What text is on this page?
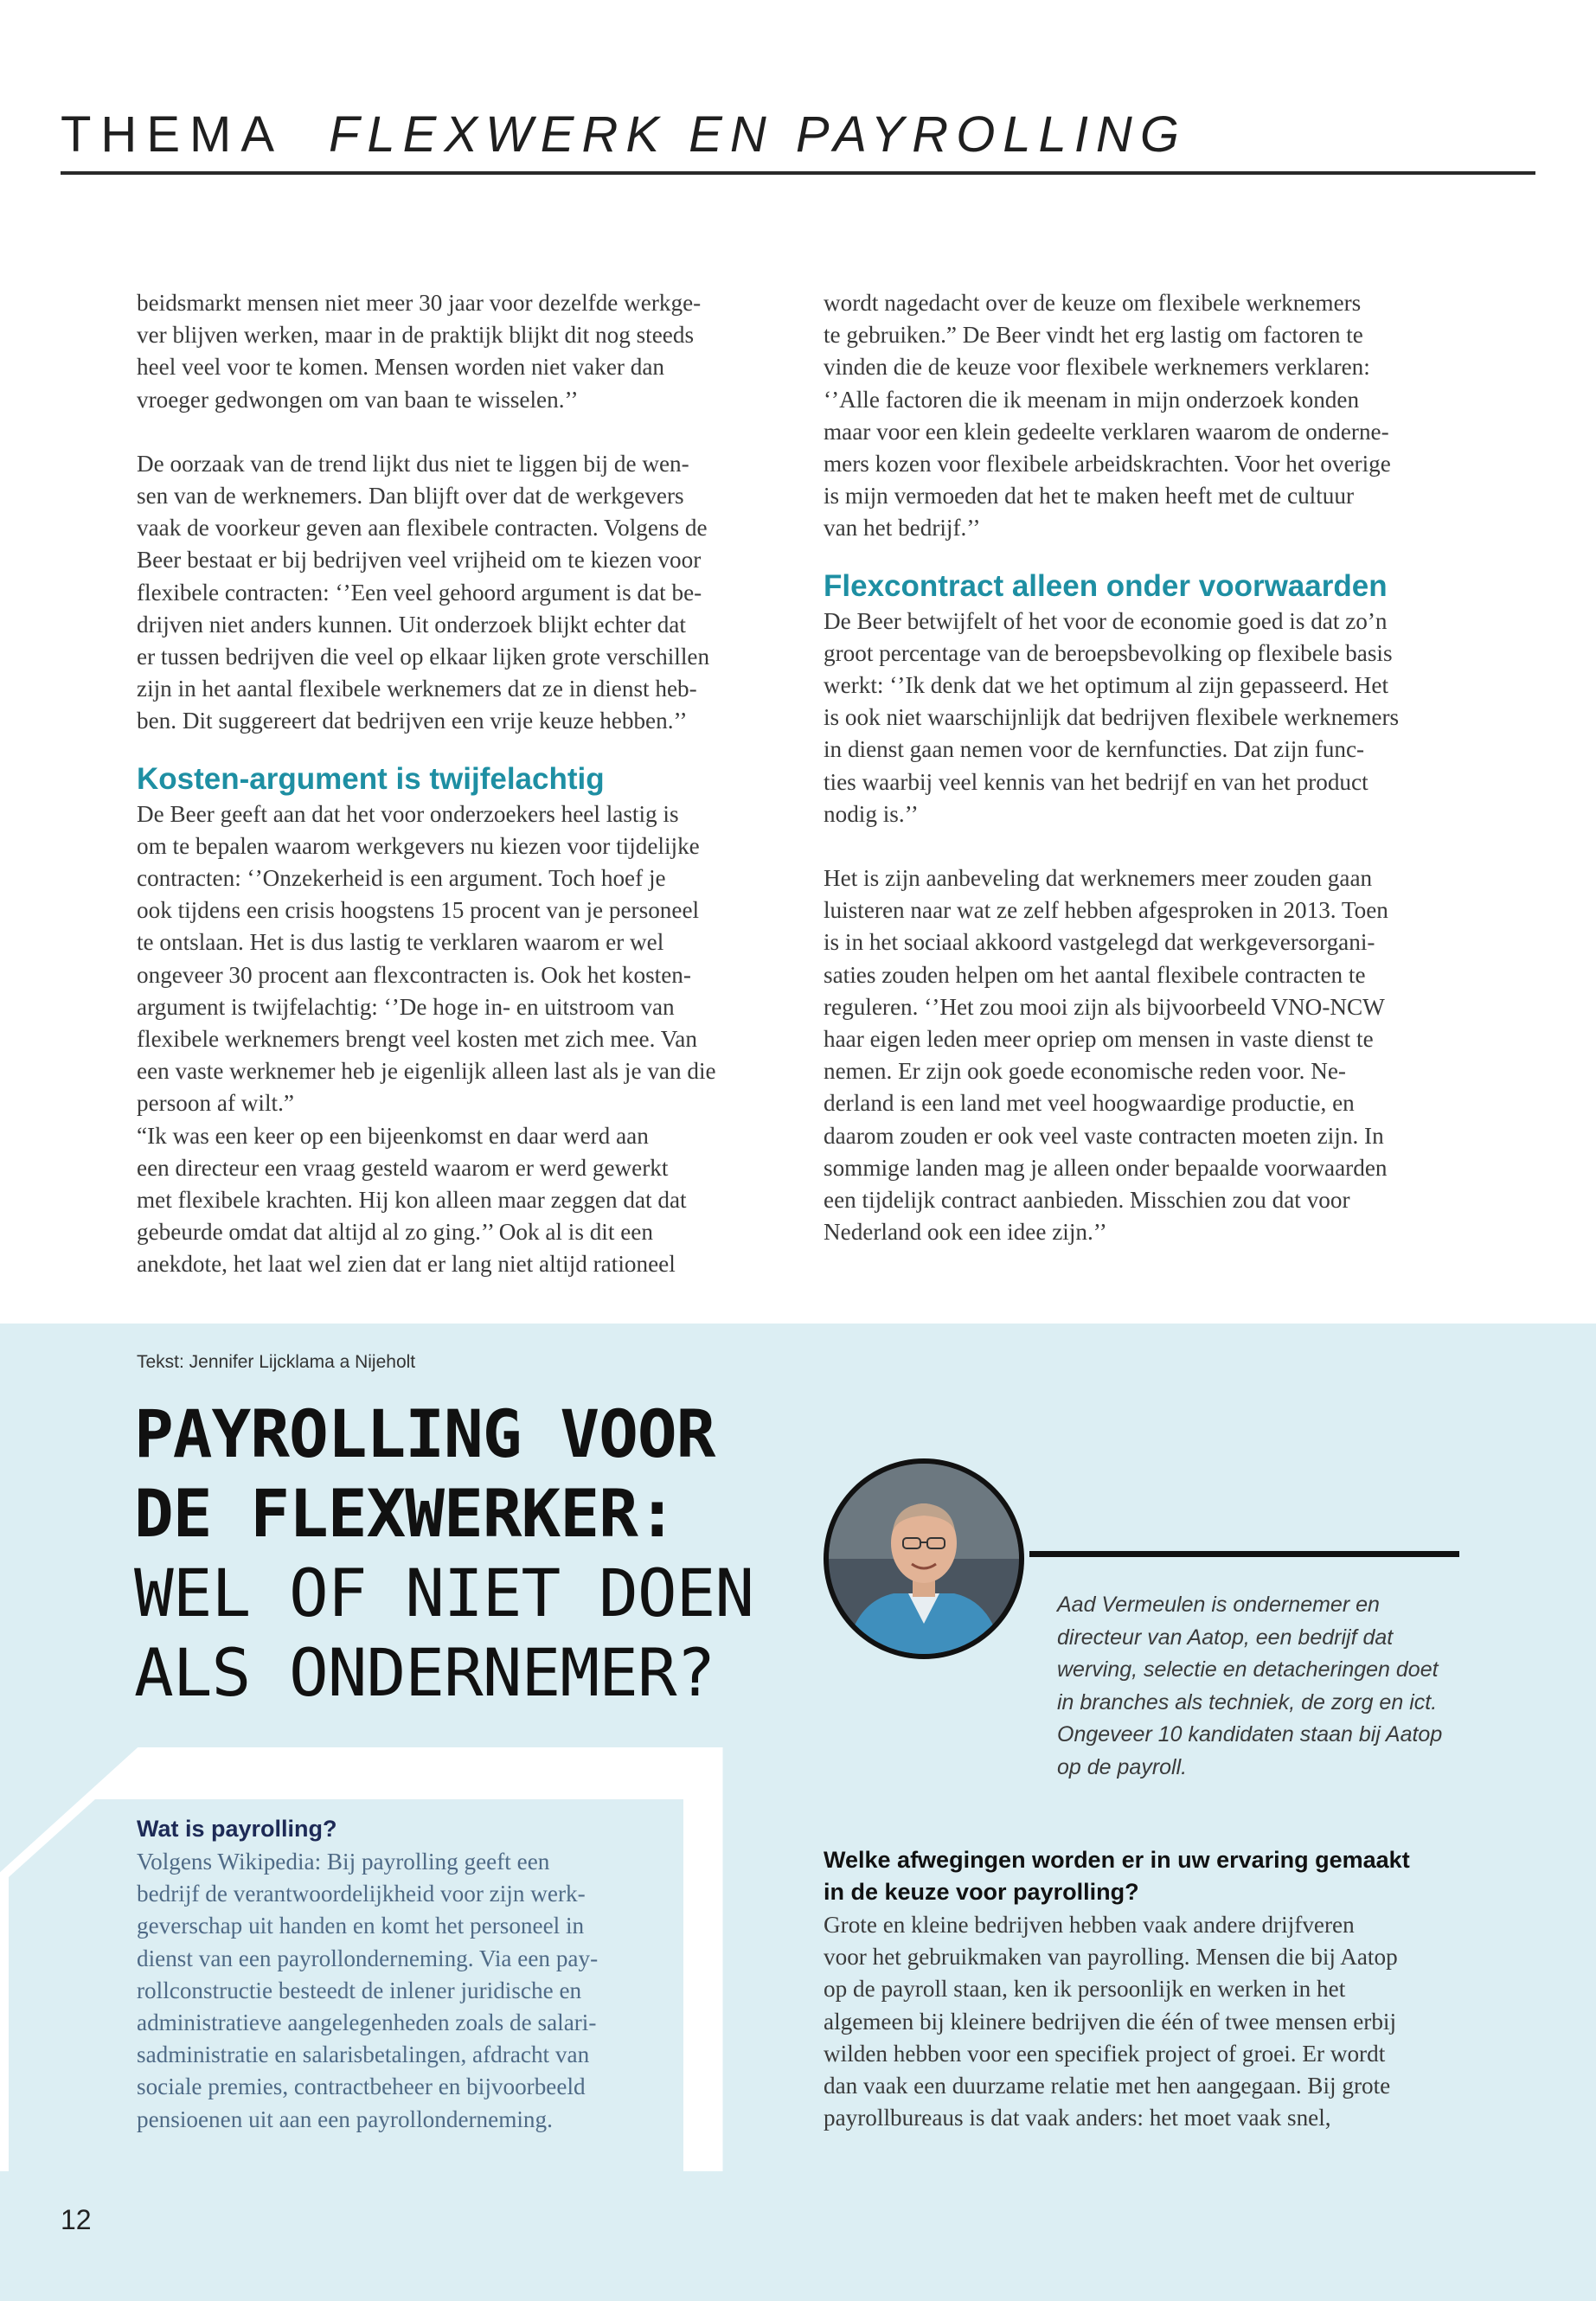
THEMA FLEXWERK EN PAYROLLING

beidsmarkt mensen niet meer 30 jaar voor dezelfde werkge-
ver blijven werken, maar in de praktijk blijkt dit nog steeds
heel veel voor te komen. Mensen worden niet vaker dan
vroeger gedwongen om van baan te wisselen.’’

De oorzaak van de trend lijkt dus niet te liggen bij de wen-
sen van de werknemers. Dan blijft over dat de werkgevers
vaak de voorkeur geven aan flexibele contracten. Volgens de
Beer bestaat er bij bedrijven veel vrijheid om te kiezen voor
flexibele contracten: ‘’Een veel gehoord argument is dat be-
drijven niet anders kunnen. Uit onderzoek blijkt echter dat
er tussen bedrijven die veel op elkaar lijken grote verschillen
zijn in het aantal flexibele werknemers dat ze in dienst heb-
ben. Dit suggereert dat bedrijven een vrije keuze hebben.’’

Kosten-argument is twijfelachtig

De Beer geeft aan dat het voor onderzoekers heel lastig is
om te bepalen waarom werkgevers nu kiezen voor tijdelijke
contracten: ‘’Onzekerheid is een argument. Toch hoef je
ook tijdens een crisis hoogstens 15 procent van je personeel
te ontslaan. Het is dus lastig te verklaren waarom er wel
ongeveer 30 procent aan flexcontracten is. Ook het kosten-
argument is twijfelachtig: ‘’De hoge in- en uitstroom van
flexibele werknemers brengt veel kosten met zich mee. Van
een vaste werknemer heb je eigenlijk alleen last als je van die
persoon af wilt.”

“Ik was een keer op een bijeenkomst en daar werd aan
een directeur een vraag gesteld waarom er werd gewerkt
met flexibele krachten. Hij kon alleen maar zeggen dat dat
gebeurde omdat dat altijd al zo ging.’’ Ook al is dit een
anekdote, het laat wel zien dat er lang niet altijd rationeel

wordt nagedacht over de keuze om flexibele werknemers
te gebruiken.” De Beer vindt het erg lastig om factoren te
vinden die de keuze voor flexibele werknemers verklaren:
‘’Alle factoren die ik meenam in mijn onderzoek konden
maar voor een klein gedeelte verklaren waarom de onderne-
mers kozen voor flexibele arbeidskrachten. Voor het overige
is mijn vermoeden dat het te maken heeft met de cultuur
van het bedrijf.’’

Flexcontract alleen onder voorwaarden

De Beer betwijfelt of het voor de economie goed is dat zo’n
groot percentage van de beroepsbevolking op flexibele basis
werkt: ‘’Ik denk dat we het optimum al zijn gepasseerd. Het
is ook niet waarschijnlijk dat bedrijven flexibele werknemers
in dienst gaan nemen voor de kernfuncties. Dat zijn func-
ties waarbij veel kennis van het bedrijf en van het product
nodig is.’’

Het is zijn aanbeveling dat werknemers meer zouden gaan
luisteren naar wat ze zelf hebben afgesproken in 2013. Toen
is in het sociaal akkoord vastgelegd dat werkgeversorgani-
saties zouden helpen om het aantal flexibele contracten te
reguleren. ‘’Het zou mooi zijn als bijvoorbeeld VNO-NCW
haar eigen leden meer opriep om mensen in vaste dienst te
nemen. Er zijn ook goede economische reden voor. Ne-
derland is een land met veel hoogwaardige productie, en
daarom zouden er ook veel vaste contracten moeten zijn. In
sommige landen mag je alleen onder bepaalde voorwaarden
een tijdelijk contract aanbieden. Misschien zou dat voor
Nederland ook een idee zijn.’’

Tekst: Jennifer Lijcklama a Nijeholt
PAYROLLING VOOR
DE FLEXWERKER:
WEL OF NIET DOEN
ALS ONDERNEMER?
Aad Vermeulen is ondernemer en
directeur van Aatop, een bedrijf dat
werving, selectie en detacheringen doet
in branches als techniek, de zorg en ict.
Ongeveer 10 kandidaten staan bij Aatop
op de payroll.
Wat is payrolling?
Volgens Wikipedia: Bij payrolling geeft een
bedrijf de verantwoordelijkheid voor zijn werk-
geverschap uit handen en komt het personeel in
dienst van een payrollonderneming. Via een pay-
rollconstructie besteedt de inlener juridische en
administratieve aangelegenheden zoals de salari-
sadministratie en salarisbetalingen, afdracht van
sociale premies, contractbeheer en bijvoorbeeld
pensioenen uit aan een payrollonderneming.
Welke afwegingen worden er in uw ervaring gemaakt
in de keuze voor payrolling?
Grote en kleine bedrijven hebben vaak andere drijfveren
voor het gebruikmaken van payrolling. Mensen die bij Aatop
op de payroll staan, ken ik persoonlijk en werken in het
algemeen bij kleinere bedrijven die één of twee mensen erbij
wilden hebben voor een specifiek project of groei. Er wordt
dan vaak een duurzame relatie met hen aangegaan. Bij grote
payrollbureaus is dat vaak anders: het moet vaak snel,
12
